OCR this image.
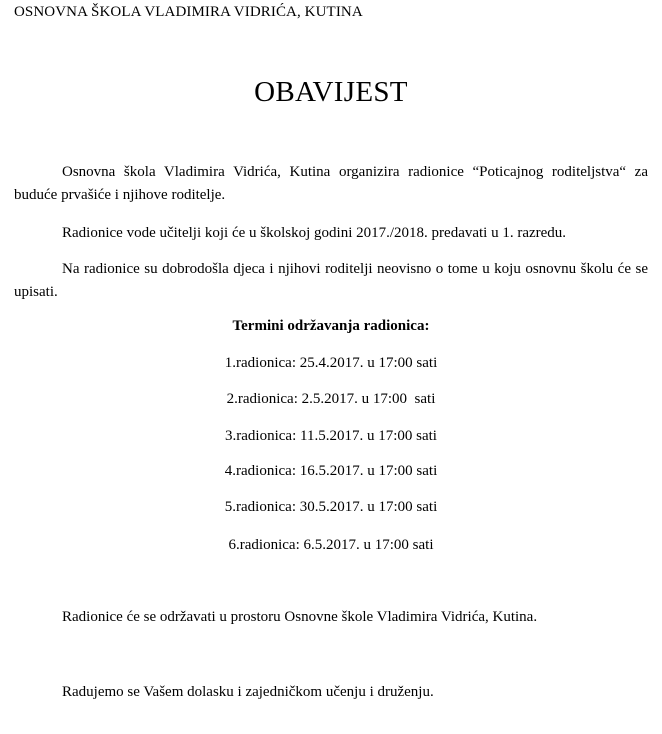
OSNOVNA ŠKOLA VLADIMIRA VIDRIĆA, KUTINA
OBAVIJEST
Osnovna škola Vladimira Vidrića, Kutina organizira radionice “Poticajnog roditeljstva“ za buduće prvašiće i njihove roditelje.
Radionice vode učitelji koji će u školskoj godini 2017./2018. predavati u 1. razredu.
Na radionice su dobrodošla djeca i njihovi roditelji neovisno o tome u koju osnovnu školu će se upisati.
Termini održavanja radionica:
1.radionica: 25.4.2017. u 17:00 sati
2.radionica: 2.5.2017. u 17:00  sati
3.radionica: 11.5.2017. u 17:00 sati
4.radionica: 16.5.2017. u 17:00 sati
5.radionica: 30.5.2017. u 17:00 sati
6.radionica: 6.5.2017. u 17:00 sati
Radionice će se održavati u prostoru Osnovne škole Vladimira Vidrića, Kutina.
Radujemo se Vašem dolasku i zajedničkom učenju i druženju.
